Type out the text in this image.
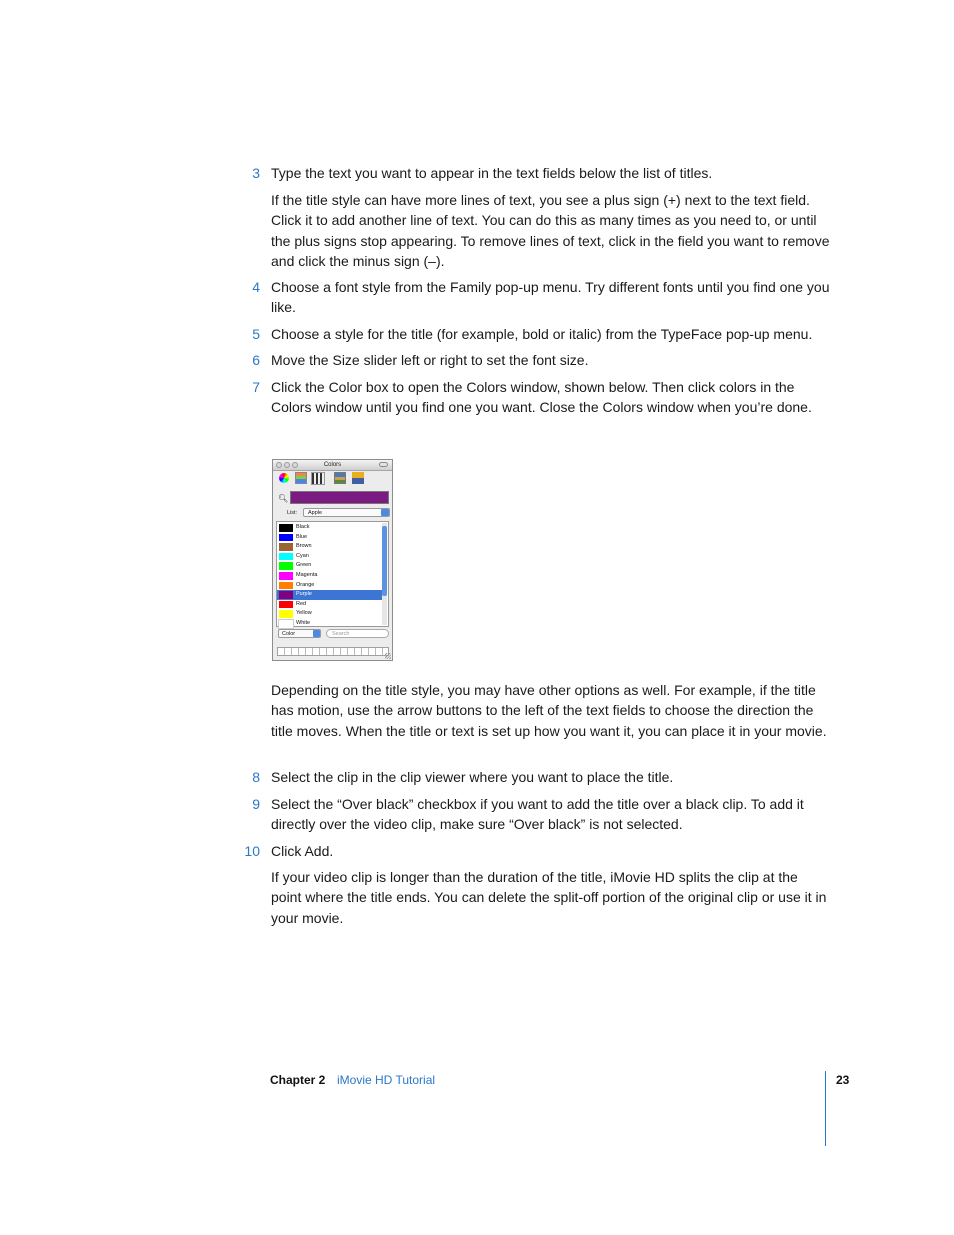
3 Type the text you want to appear in the text fields below the list of titles.
If the title style can have more lines of text, you see a plus sign (+) next to the text field. Click it to add another line of text. You can do this as many times as you need to, or until the plus signs stop appearing. To remove lines of text, click in the field you want to remove and click the minus sign (–).
4 Choose a font style from the Family pop-up menu. Try different fonts until you find one you like.
5 Choose a style for the title (for example, bold or italic) from the TypeFace pop-up menu.
6 Move the Size slider left or right to set the font size.
7 Click the Color box to open the Colors window, shown below. Then click colors in the Colors window until you find one you want. Close the Colors window when you’re done.
Colors
🔍︎
List:	Apple
Black
Blue
Brown
Cyan
Green
Magenta
Orange
Purple
Red
Yellow
White
Color	Search
Depending on the title style, you may have other options as well. For example, if the title has motion, use the arrow buttons to the left of the text fields to choose the direction the title moves. When the title or text is set up how you want it, you can place it in your movie.
8 Select the clip in the clip viewer where you want to place the title.
9 Select the “Over black” checkbox if you want to add the title over a black clip. To add it directly over the video clip, make sure “Over black” is not selected.
10 Click Add.
If your video clip is longer than the duration of the title, iMovie HD splits the clip at the point where the title ends. You can delete the split-off portion of the original clip or use it in your movie.
Chapter 2 iMovie HD Tutorial	23
